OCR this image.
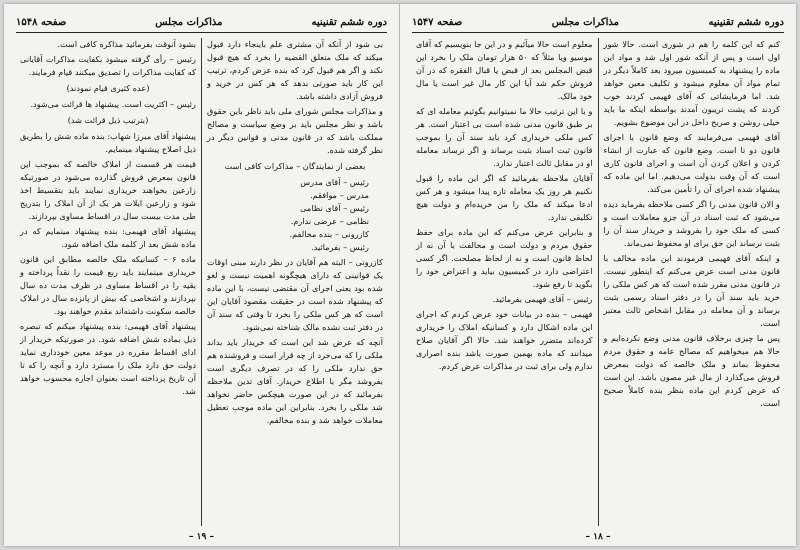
دوره ششم تقنینیه
مذاکرات مجلس
صفحه ۱۵۴۸

بی شود از آنکه آن مشتری علم باینجاء دارد قبول میکند که ملک متعلق القضیه را بخرد که هیچ قبول نکند و اگر هم قبول کرد که بنده عرض کردم، ترتیب این کار باید صورتی بدهد که هر کس در خرید و فروش آزادی داشته باشد.

و مذاکرات مجلس شورای ملی باید ناظر باین حقوق باشد و نظر مجلس باید بر وضع سیاست و مصالح مملکت باشد که در قانون مدنی و قوانین دیگر در نظر گرفته شده.

بعضی از نمایندگان – مذاکرات کافی است

رئیس – آقای مدرس
مدرس – موافقم.
رئیس – آقای نظامی
نظامی – عرضی ندارم.
کازرونی – بنده مخالفم.
رئیس – بفرمائید.

کازرونی – البته هم آقایان در نظر دارند مبنی اوقات یک قوانینی که دارای هیچگونه اهمیت نیست و لغو شده بود یعنی اجرای آن مقتضی نیست، با این ماده که پیشنهاد شده است در حقیقت مقصود آقایان این است که هر کس ملکی را بخرد تا وقتی که سند آن در دفتر ثبت نشده مالک شناخته نمی‌شود.

آنچه که عرض شد این است که خریدار باید بداند ملکی را که می‌خرد از چه قرار است و فروشنده هم حق ندارد ملکی را که در تصرف دیگری است بفروشد مگر با اطلاع خریدار. آقای تدین ملاحظه بفرمائید که در این صورت هیچکس حاضر نخواهد شد ملکی را بخرد. بنابراین این ماده موجب تعطیل معاملات خواهد شد و بنده مخالفم.

بشود آنوقت بفرمائید مذاکره کافی است.

رئیس – رأی گرفته میشود بکفایت مذاکرات آقایانی که کفایت مذاکرات را تصدیق میکنند قیام فرمایند.

(عده کثیری قیام نمودند)

رئیس – اکثریت است. پیشنهاد ها قرائت می‌شود.

(بترتیب ذیل قرائت شد)

پیشنهاد آقای میرزا شهاب: بنده ماده شش را بطریق ذیل اصلاح پیشنهاد مینمایم.

قیمت هر قسمت از املاک خالصه که بموجب این قانون بمعرض فروش گذارده می‌شود در صورتیکه زارعین بخواهند خریداری نمایند باید بتقسیط اخذ شود و زارعین ایلات هر یک از آن املاک را بتدریج طی مدت بیست سال در اقساط مساوی بپردازند.

پیشنهاد آقای فهیمی: بنده پیشنهاد مینمایم که در ماده شش بعد از کلمه ملک اضافه شود.

ماده ۶ – کسانیکه ملک خالصه مطابق این قانون خریداری مینمایند باید ربع قیمت را نقداً پرداخته و بقیه را در اقساط مساوی در ظرف مدت ده سال بپردازند و اشخاصی که بیش از پانزده سال در املاک خالصه سکونت داشته‌اند مقدم خواهند بود.

پیشنهاد آقای فهیمی: بنده پیشنهاد میکنم که تبصره ذیل بماده شش اضافه شود. در صورتیکه خریدار از ادای اقساط مقرره در موعد معین خودداری نماید دولت حق دارد ملک را مسترد دارد و آنچه را که تا آن تاریخ پرداخته است بعنوان اجاره محسوب خواهد شد.

– ۱۹ –
دوره ششم تقنینیه
مذاکرات مجلس
صفحه ۱۵۴۷

کنم که این کلمه را هم در شوری است. حالا شور اول است و پس از آنکه شور اول شد و مواد این ماده را پیشنهاد به کمیسیون میرود بعد کاملاً دیگر در تمام مواد آن معلوم میشود و تکلیف معین خواهد شد. اما فرمایشاتی که آقای فهیمی کردند خوب کردند که پشت تریبون آمدند بواسطه اینکه ما باید خیلی روشن و صریح داخل در این موضوع بشویم.

آقای فهیمی می‌فرمایند که وضع قانون با اجرای قانون دو تا است. وضع قانون که عبارت از انشاء کردن و اعلان کردن آن است و اجرای قانون کاری است که آن وقت بدولت می‌دهیم. اما این ماده که پیشنهاد شده اجرای آن را تأمین می‌کند.

و الان قانون مدنی را اگر کسی ملاحظه بفرماید دیده می‌شود که ثبت اسناد در آن جزو معاملات است و کسی که ملک خود را بفروشد و خریدار سند آن را بثبت نرساند این حق برای او محفوظ نمی‌ماند.

و اینکه آقای فهیمی فرمودند این ماده مخالف با قانون مدنی است عرض می‌کنم که اینطور نیست. در قانون مدنی مقرر شده است که هر کس ملکی را خرید باید سند آن را در دفتر اسناد رسمی بثبت برساند و آن معامله در مقابل اشخاص ثالث معتبر است.

پس ما چیزی برخلاف قانون مدنی وضع نکرده‌ایم و حالا هم میخواهیم که مصالح عامه و حقوق مردم محفوظ بماند و ملک خالصه که دولت بمعرض فروش می‌گذارد از مال غیر مصون باشد. این است که عرض کردم این ماده بنظر بنده کاملاً صحیح است.

معلوم است حالا میآئیم و در این جا بنویسیم که آقای موسیو ویا مثلاً که ۵۰ هزار تومان ملک را بخرد این قبض المجلس بعد از قبض یا قبال الفقره که در آن فروش حکم شد آیا این کار مال غیر است یا مال خود مالک.

و با این ترتیب حالا ما نمیتوانیم بگوئیم معامله ای که بر طبق قانون مدنی شده است بی اعتبار است. هر کس ملکی خریداری کرد باید سند آن را بموجب قانون ثبت اسناد بثبت برساند و اگر نرساند معامله او در مقابل ثالث اعتبار ندارد.

آقایان ملاحظه بفرمائید که اگر این ماده را قبول نکنیم هر روز یک معامله تازه پیدا میشود و هر کس ادعا میکند که ملک را من خریده‌ام و دولت هیچ تکلیفی ندارد.

و بنابراین عرض می‌کنم که این ماده برای حفظ حقوق مردم و دولت است و مخالفت با آن نه از لحاظ قانون است و نه از لحاظ مصلحت. اگر کسی اعتراضی دارد در کمیسیون بیاید و اعتراض خود را بگوید تا رفع شود.

رئیس – آقای فهیمی بفرمائید.

فهیمی – بنده در بیانات خود عرض کردم که اجرای این ماده اشکال دارد و کسانیکه املاک را خریداری کرده‌اند متضرر خواهند شد. حالا اگر آقایان صلاح میدانند که ماده بهمین صورت باشد بنده اصراری ندارم ولی برای ثبت در مذاکرات عرض کردم.

– ۱۸ –
